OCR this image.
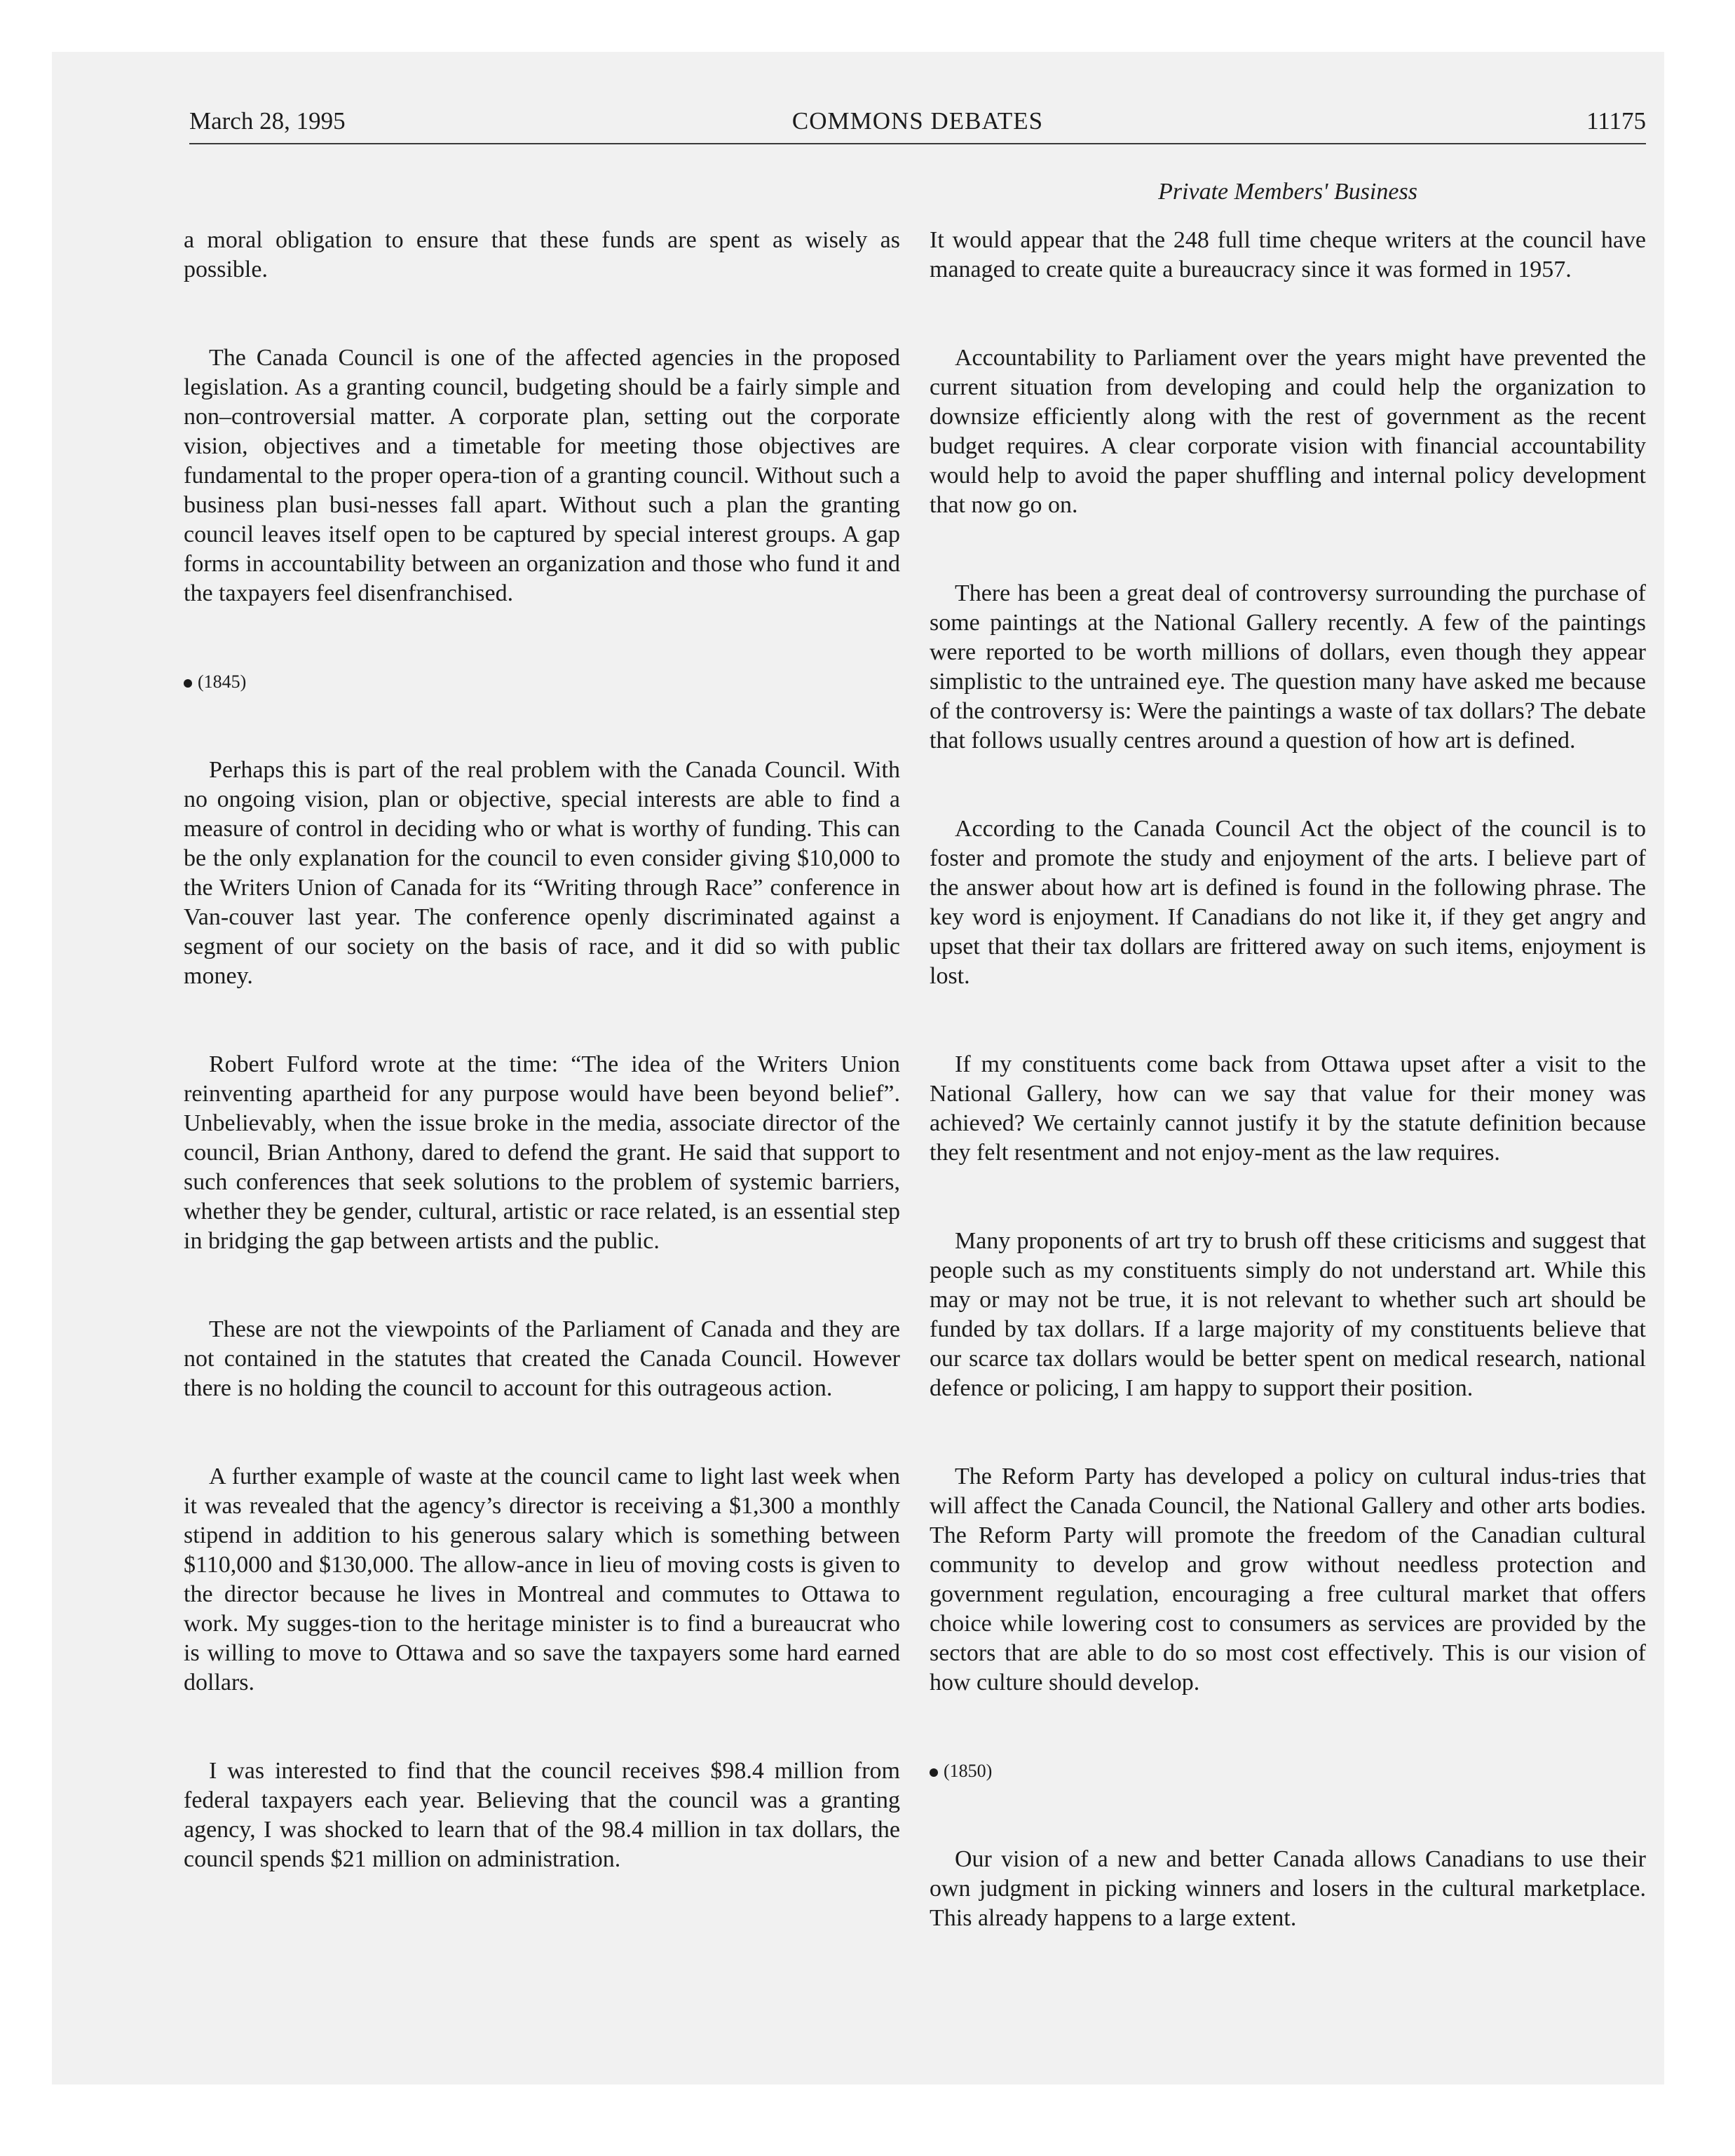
March 28, 1995	COMMONS DEBATES	11175
Private Members' Business

a moral obligation to ensure that these funds are spent as wisely as possible.

The Canada Council is one of the affected agencies in the proposed legislation. As a granting council, budgeting should be a fairly simple and non–controversial matter. A corporate plan, setting out the corporate vision, objectives and a timetable for meeting those objectives are fundamental to the proper opera-tion of a granting council. Without such a business plan busi-nesses fall apart. Without such a plan the granting council leaves itself open to be captured by special interest groups. A gap forms in accountability between an organization and those who fund it and the taxpayers feel disenfranchised.

(1845)

Perhaps this is part of the real problem with the Canada Council. With no ongoing vision, plan or objective, special interests are able to find a measure of control in deciding who or what is worthy of funding. This can be the only explanation for the council to even consider giving $10,000 to the Writers Union of Canada for its “Writing through Race” conference in Van-couver last year. The conference openly discriminated against a segment of our society on the basis of race, and it did so with public money.

Robert Fulford wrote at the time: “The idea of the Writers Union reinventing apartheid for any purpose would have been beyond belief”. Unbelievably, when the issue broke in the media, associate director of the council, Brian Anthony, dared to defend the grant. He said that support to such conferences that seek solutions to the problem of systemic barriers, whether they be gender, cultural, artistic or race related, is an essential step in bridging the gap between artists and the public.

These are not the viewpoints of the Parliament of Canada and they are not contained in the statutes that created the Canada Council. However there is no holding the council to account for this outrageous action.

A further example of waste at the council came to light last week when it was revealed that the agency’s director is receiving a $1,300 a monthly stipend in addition to his generous salary which is something between $110,000 and $130,000. The allow-ance in lieu of moving costs is given to the director because he lives in Montreal and commutes to Ottawa to work. My sugges-tion to the heritage minister is to find a bureaucrat who is willing to move to Ottawa and so save the taxpayers some hard earned dollars.

I was interested to find that the council receives $98.4 million from federal taxpayers each year. Believing that the council was a granting agency, I was shocked to learn that of the 98.4 million in tax dollars, the council spends $21 million on administration.

It would appear that the 248 full time cheque writers at the council have managed to create quite a bureaucracy since it was formed in 1957.

Accountability to Parliament over the years might have prevented the current situation from developing and could help the organization to downsize efficiently along with the rest of government as the recent budget requires. A clear corporate vision with financial accountability would help to avoid the paper shuffling and internal policy development that now go on.

There has been a great deal of controversy surrounding the purchase of some paintings at the National Gallery recently. A few of the paintings were reported to be worth millions of dollars, even though they appear simplistic to the untrained eye. The question many have asked me because of the controversy is: Were the paintings a waste of tax dollars? The debate that follows usually centres around a question of how art is defined.

According to the Canada Council Act the object of the council is to foster and promote the study and enjoyment of the arts. I believe part of the answer about how art is defined is found in the following phrase. The key word is enjoyment. If Canadians do not like it, if they get angry and upset that their tax dollars are frittered away on such items, enjoyment is lost.

If my constituents come back from Ottawa upset after a visit to the National Gallery, how can we say that value for their money was achieved? We certainly cannot justify it by the statute definition because they felt resentment and not enjoy-ment as the law requires.

Many proponents of art try to brush off these criticisms and suggest that people such as my constituents simply do not understand art. While this may or may not be true, it is not relevant to whether such art should be funded by tax dollars. If a large majority of my constituents believe that our scarce tax dollars would be better spent on medical research, national defence or policing, I am happy to support their position.

The Reform Party has developed a policy on cultural indus-tries that will affect the Canada Council, the National Gallery and other arts bodies. The Reform Party will promote the freedom of the Canadian cultural community to develop and grow without needless protection and government regulation, encouraging a free cultural market that offers choice while lowering cost to consumers as services are provided by the sectors that are able to do so most cost effectively. This is our vision of how culture should develop.

(1850)

Our vision of a new and better Canada allows Canadians to use their own judgment in picking winners and losers in the cultural marketplace. This already happens to a large extent.
